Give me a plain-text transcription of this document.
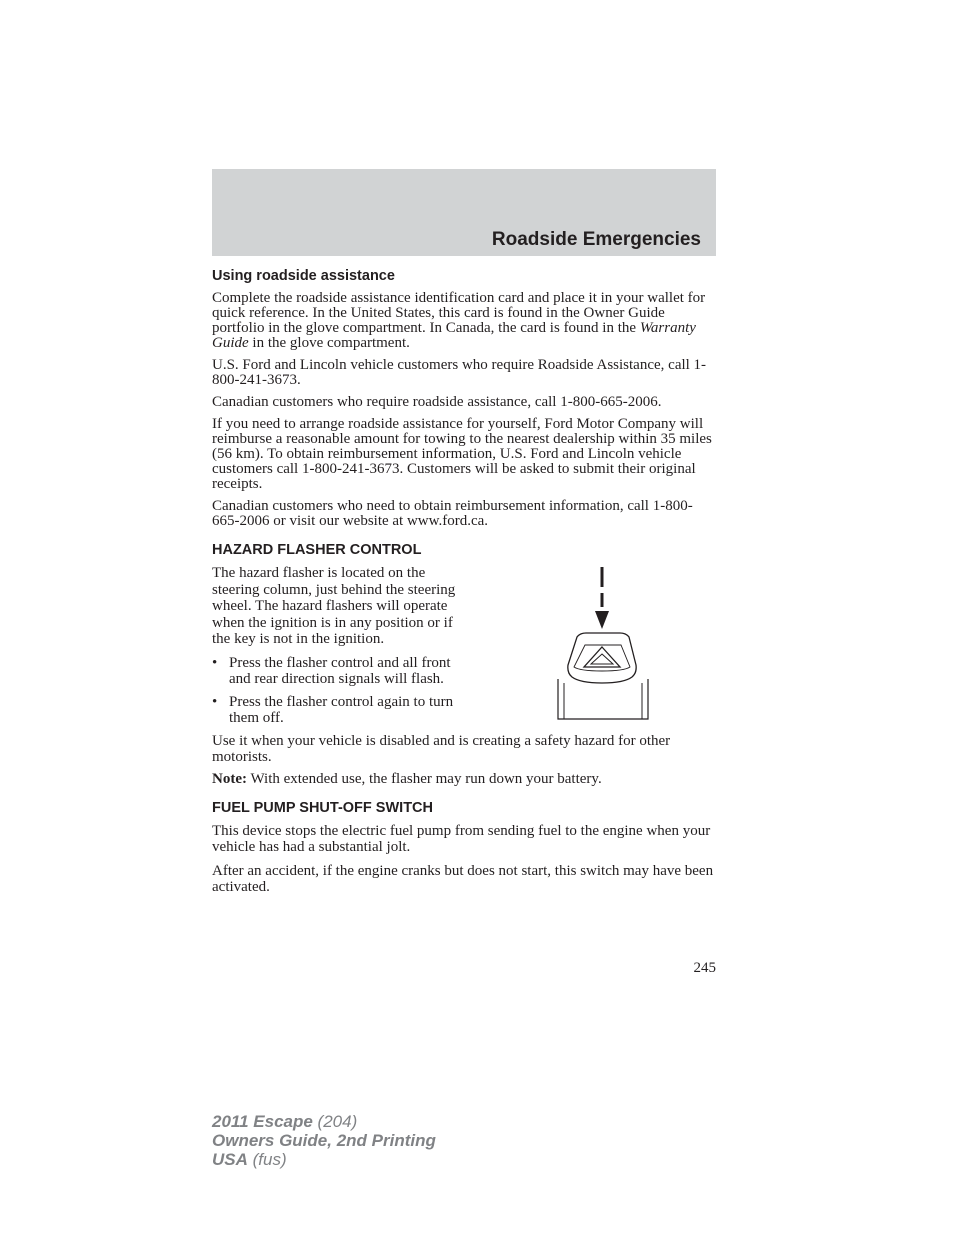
Roadside Emergencies
Using roadside assistance

Complete the roadside assistance identification card and place it in your wallet for quick reference. In the United States, this card is found in the Owner Guide portfolio in the glove compartment. In Canada, the card is found in the Warranty Guide in the glove compartment.

U.S. Ford and Lincoln vehicle customers who require Roadside Assistance, call 1-800-241-3673.

Canadian customers who require roadside assistance, call 1-800-665-2006.

If you need to arrange roadside assistance for yourself, Ford Motor Company will reimburse a reasonable amount for towing to the nearest dealership within 35 miles (56 km). To obtain reimbursement information, U.S. Ford and Lincoln vehicle customers call 1-800-241-3673. Customers will be asked to submit their original receipts.

Canadian customers who need to obtain reimbursement information, call 1-800-665-2006 or visit our website at www.ford.ca.

HAZARD FLASHER CONTROL

The hazard flasher is located on the steering column, just behind the steering wheel. The hazard flashers will operate when the ignition is in any position or if the key is not in the ignition.

• Press the flasher control and all front and rear direction signals will flash.
• Press the flasher control again to turn them off.

Use it when your vehicle is disabled and is creating a safety hazard for other motorists.

Note: With extended use, the flasher may run down your battery.

FUEL PUMP SHUT-OFF SWITCH

This device stops the electric fuel pump from sending fuel to the engine when your vehicle has had a substantial jolt.

After an accident, if the engine cranks but does not start, this switch may have been activated.

245
2011 Escape (204)
Owners Guide, 2nd Printing
USA (fus)
